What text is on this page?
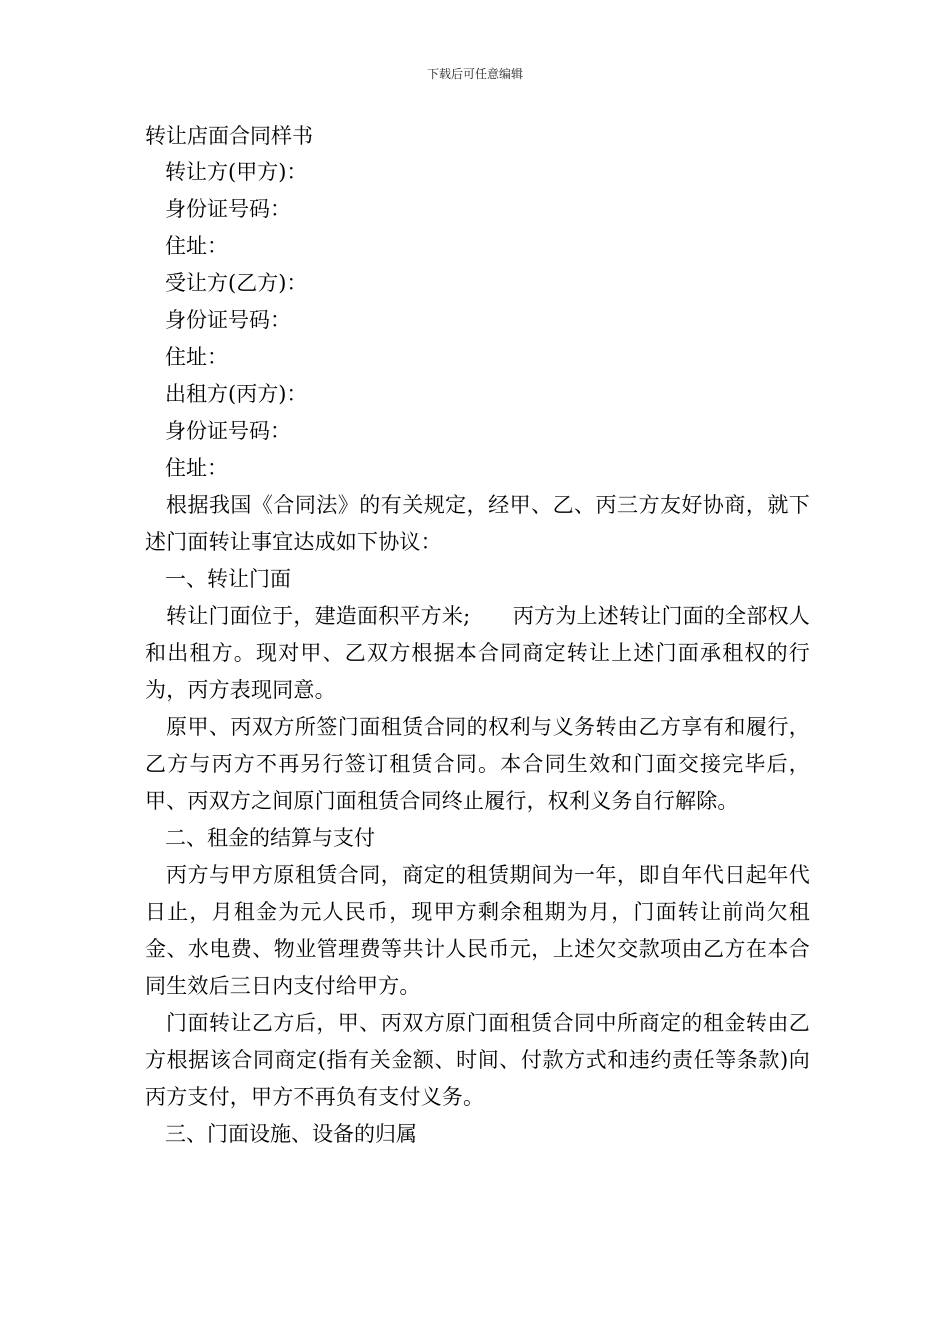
下载后可任意编辑
转让店面合同样书

转让方(甲方)：

身份证号码：

住址：

受让方(乙方)：

身份证号码：

住址：

出租方(丙方)：

身份证号码：

住址：

根据我国《合同法》的有关规定，经甲、乙、丙三方友好协商，就下述门面转让事宜达成如下协议：

一、转让门面

转让门面位于，建造面积平方米;　　丙方为上述转让门面的全部权人和出租方。现对甲、乙双方根据本合同商定转让上述门面承租权的行为，丙方表现同意。

原甲、丙双方所签门面租赁合同的权利与义务转由乙方享有和履行，乙方与丙方不再另行签订租赁合同。本合同生效和门面交接完毕后，甲、丙双方之间原门面租赁合同终止履行，权利义务自行解除。

二、租金的结算与支付

丙方与甲方原租赁合同，商定的租赁期间为一年，即自年代日起年代日止，月租金为元人民币，现甲方剩余租期为月，门面转让前尚欠租金、水电费、物业管理费等共计人民币元，上述欠交款项由乙方在本合同生效后三日内支付给甲方。

门面转让乙方后，甲、丙双方原门面租赁合同中所商定的租金转由乙方根据该合同商定(指有关金额、时间、付款方式和违约责任等条款)向丙方支付，甲方不再负有支付义务。

三、门面设施、设备的归属
